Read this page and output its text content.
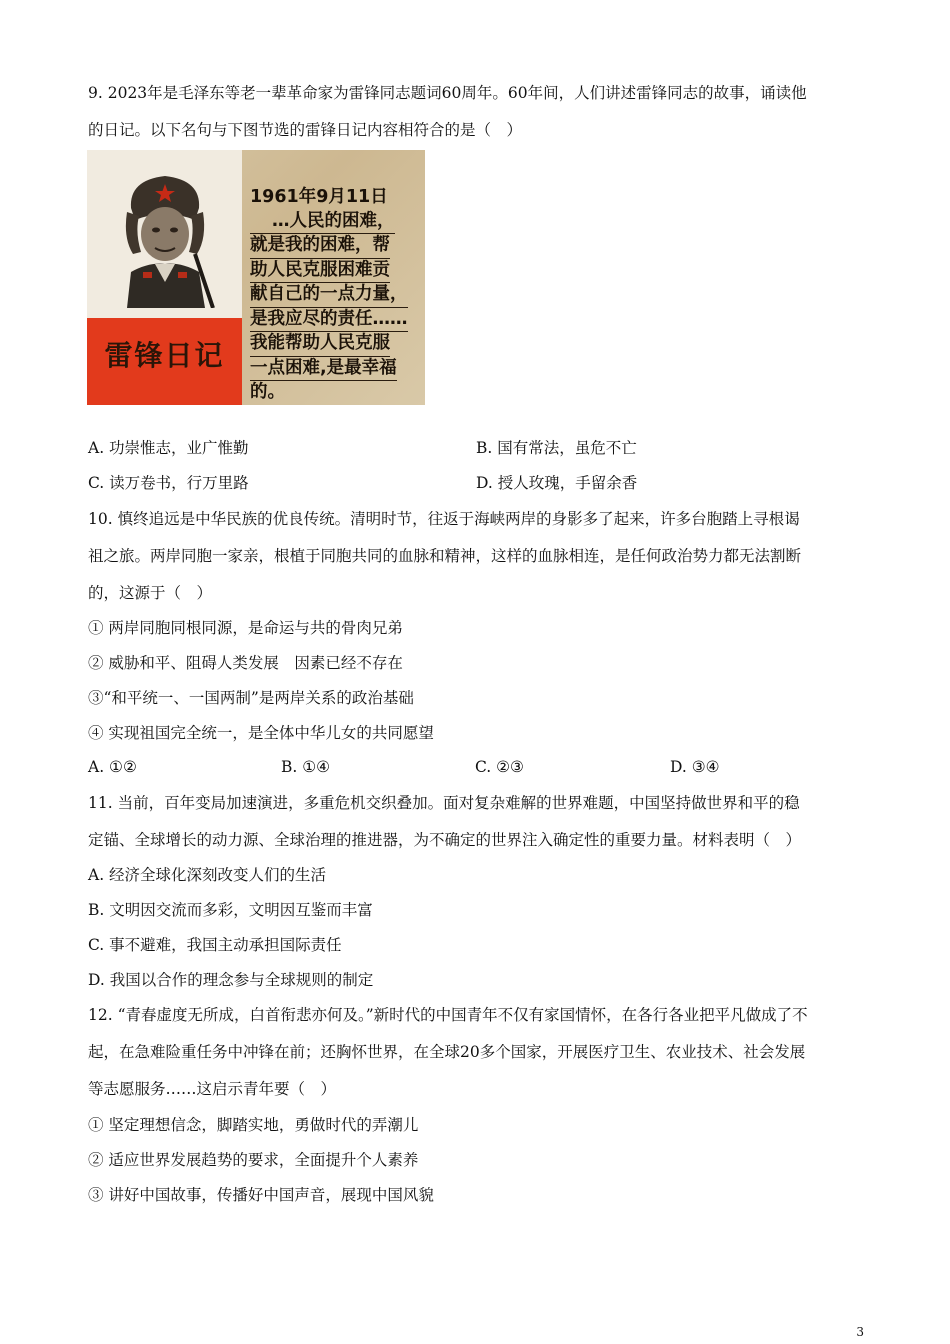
9. 2023年是毛泽东等老一辈革命家为雷锋同志题词60周年。60年间，人们讲述雷锋同志的故事，诵读他
的日记。以下名句与下图节选的雷锋日记内容相符合的是（　）
雷锋日记
1961年9月11日
…人民的困难，
就是我的困难，帮
助人民克服困难贡
献自己的一点力量，
是我应尽的责任……
我能帮助人民克服
一点困难,是最幸福
的。
A. 功崇惟志，业广惟勤	B. 国有常法，虽危不亡
C. 读万卷书，行万里路	D. 授人玫瑰，手留余香
10. 慎终追远是中华民族的优良传统。清明时节，往返于海峡两岸的身影多了起来，许多台胞踏上寻根谒
祖之旅。两岸同胞一家亲，根植于同胞共同的血脉和精神，这样的血脉相连，是任何政治势力都无法割断
的，这源于（　）
① 两岸同胞同根同源，是命运与共的骨肉兄弟
② 威胁和平、阻碍人类发展　因素已经不存在
③“和平统一、一国两制”是两岸关系的政治基础
④ 实现祖国完全统一，是全体中华儿女的共同愿望
A. ①②	B. ①④	C. ②③	D. ③④
11. 当前，百年变局加速演进，多重危机交织叠加。面对复杂难解的世界难题，中国坚持做世界和平的稳
定锚、全球增长的动力源、全球治理的推进器，为不确定的世界注入确定性的重要力量。材料表明（　）
A. 经济全球化深刻改变人们的生活
B. 文明因交流而多彩，文明因互鉴而丰富
C. 事不避难，我国主动承担国际责任
D. 我国以合作的理念参与全球规则的制定
12. “青春虚度无所成，白首衔悲亦何及。”新时代的中国青年不仅有家国情怀，在各行各业把平凡做成了不
起，在急难险重任务中冲锋在前；还胸怀世界，在全球20多个国家，开展医疗卫生、农业技术、社会发展
等志愿服务……这启示青年要（　）
① 坚定理想信念，脚踏实地，勇做时代的弄潮儿
② 适应世界发展趋势的要求，全面提升个人素养
③ 讲好中国故事，传播好中国声音，展现中国风貌
3
